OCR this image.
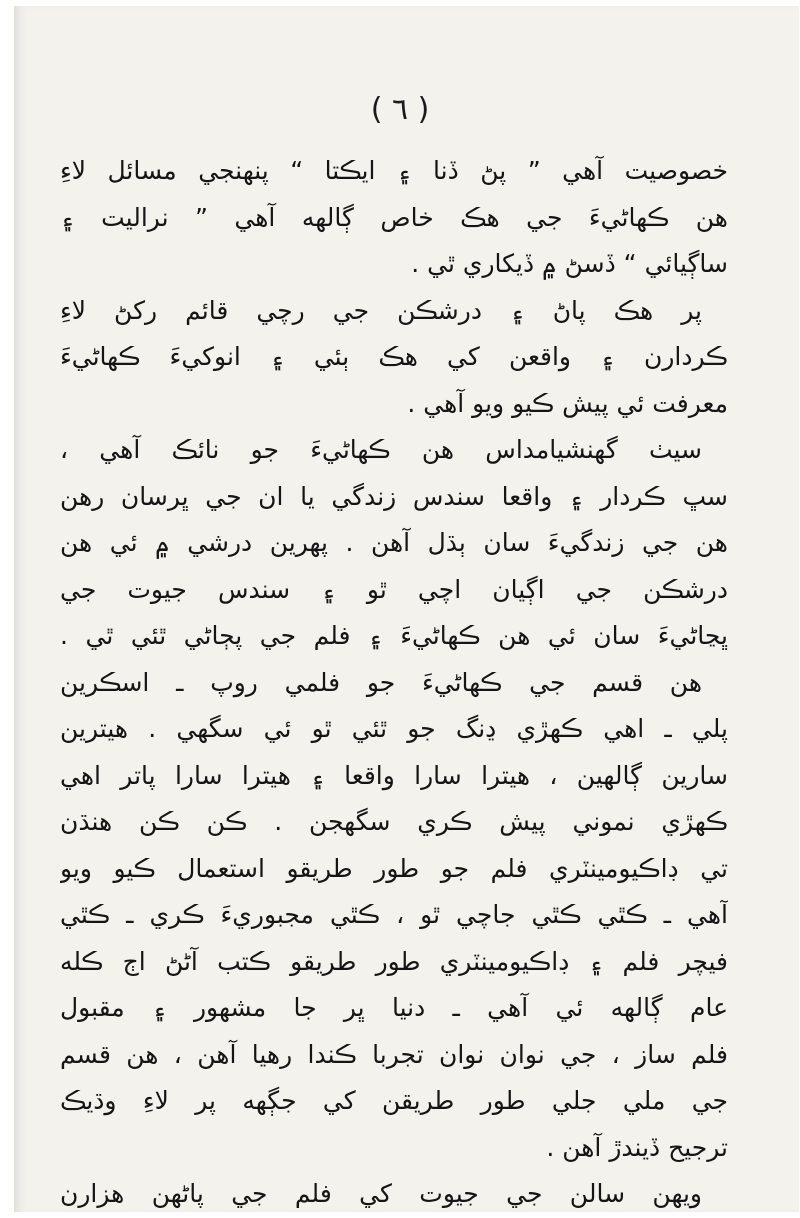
( ٦ )
خصوصيت آهي ” پڻ ڏنا ۽ ايڪتا “ پنهنجي مسائل لاءِ
هن ڪهاڻيءَ جي هڪ خاص ڳالهه آهي ” نراليت ۽
ساڳيائي “ ڏسڻ ۾ ڏيکاري ٿي .
پر هڪ پاڻ ۽ درشڪن جي رچي قائم رکڻ لاءِ
ڪردارن ۽ واقعن کي هڪ ٻئي ۽ انوکيءَ ڪهاڻيءَ
معرفت ئي پيش ڪيو ويو آهي .
سيٺ گهنشيامداس هن ڪهاڻيءَ جو نائڪ آهي ،
سڀ ڪردار ۽ واقعا سندس زندگي يا ان جي ڀرسان رهن
هن جي زندگيءَ سان ٻڌل آهن . پهرين درشي ۾ ئي هن
درشڪن جي اڳيان اچي ٿو ۽ سندس جيوت جي
ڀڃاڻيءَ سان ئي هن ڪهاڻيءَ ۽ فلم جي پڄاڻي ٿئي ٿي .
هن قسم جي ڪهاڻيءَ جو فلمي روپ ـ اسڪرين
پلي ـ اهي ڪهڙي ڍنگ جو ٿئي ٿو ئي سگهي . هيترين
سارين ڳالهين ، هيترا سارا واقعا ۽ هيترا سارا پاتر اهي
ڪهڙي نموني پيش ڪري سگهجن . ڪن ڪن هنڌن
تي ڊاڪيومينٽري فلم جو طور طريقو استعمال ڪيو ويو
آهي ـ ڪٿي ڪٿي جاچي ٿو ، ڪٿي مجبوريءَ ڪري ـ ڪٿي
فيچر فلم ۽ ڊاڪيومينٽري طور طريقو ڪتب آڻڻ اڄ ڪله
عام ڳالهه ئي آهي ـ دنيا ڀر جا مشهور ۽ مقبول
فلم ساز ، جي نوان نوان تجربا ڪندا رهيا آهن ، هن قسم
جي ملي جلي طور طريقن کي جڳهه پر لاءِ وڌيڪ
ترجيح ڏيندڙ آهن .
ويهن سالن جي جيوت کي فلم جي پاڻهن هزارن
